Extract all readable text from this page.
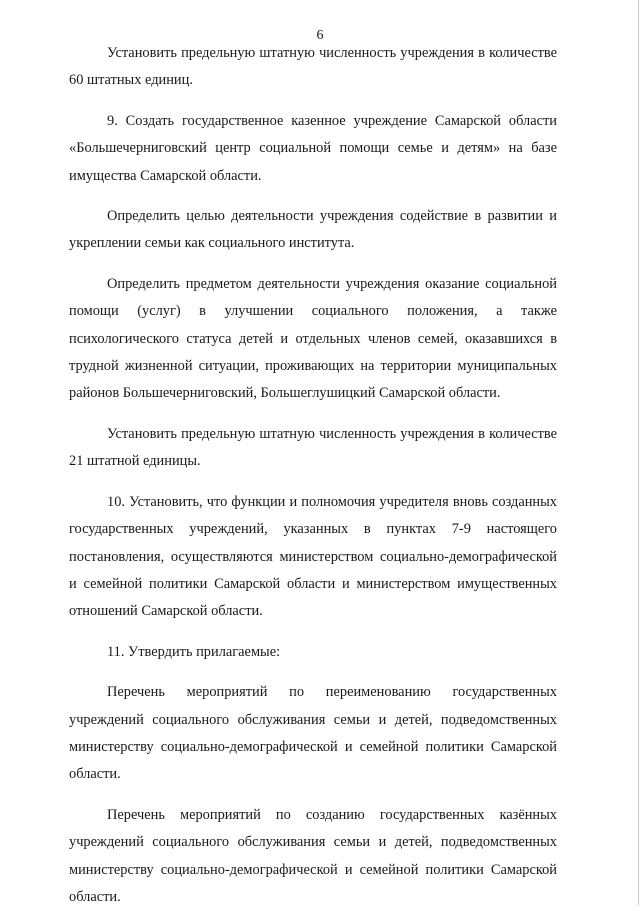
6

Установить предельную штатную численность учреждения в количестве 60 штатных единиц.

9. Создать государственное казенное учреждение Самарской области «Большечерниговский центр социальной помощи семье и детям» на базе имущества Самарской области.

Определить целью деятельности учреждения содействие в развитии и укреплении семьи как социального института.

Определить предметом деятельности учреждения оказание социальной помощи (услуг) в улучшении социального положения, а также психологического статуса детей и отдельных членов семей, оказавшихся в трудной жизненной ситуации, проживающих на территории муниципальных районов Большечерниговский, Большеглушицкий Самарской области.

Установить предельную штатную численность учреждения в количестве 21 штатной единицы.

10. Установить, что функции и полномочия учредителя вновь созданных государственных учреждений, указанных в пунктах 7-9 настоящего постановления, осуществляются министерством социально-демографической и семейной политики Самарской области и министерством имущественных отношений Самарской области.

11. Утвердить прилагаемые:

Перечень мероприятий по переименованию государственных учреждений социального обслуживания семьи и детей, подведомственных министерству социально-демографической и семейной политики Самарской области.

Перечень мероприятий по созданию государственных казённых учреждений социального обслуживания семьи и детей, подведомственных министерству социально-демографической и семейной политики Самарской области.
